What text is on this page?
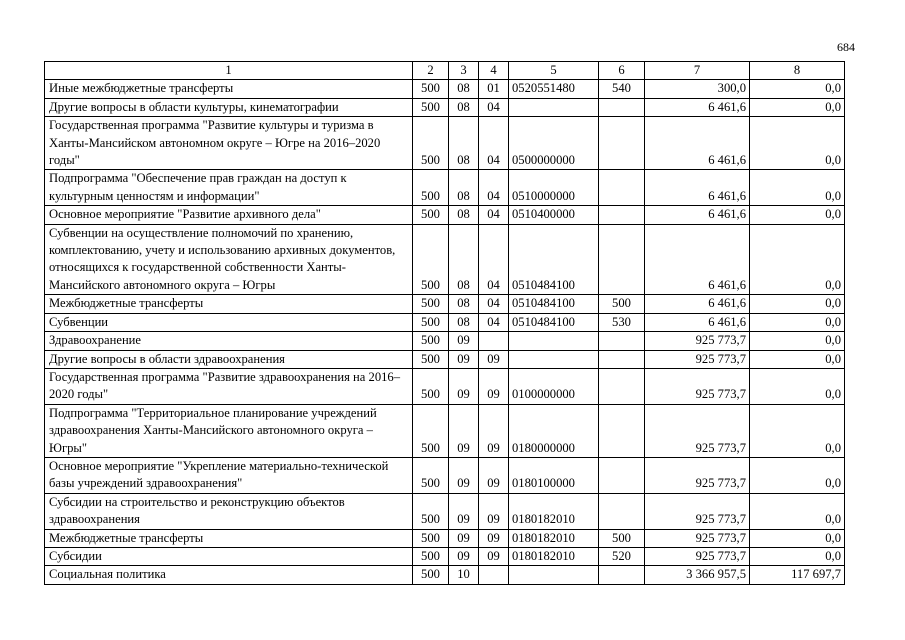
684
1	2	3	4	5	6	7	8
Иные межбюджетные трансферты	500	08	01	0520551480	540	300,0	0,0
Другие вопросы в области культуры, кинематографии	500	08	04			6 461,6	0,0
Государственная программа "Развитие культуры и туризма в Ханты-Мансийском автономном округе – Югре на 2016–2020 годы"	500	08	04	0500000000		6 461,6	0,0
Подпрограмма "Обеспечение прав граждан на доступ к культурным ценностям и информации"	500	08	04	0510000000		6 461,6	0,0
Основное мероприятие "Развитие архивного дела"	500	08	04	0510400000		6 461,6	0,0
Субвенции на осуществление полномочий по хранению, комплектованию, учету и использованию архивных документов, относящихся к государственной собственности Ханты-Мансийского автономного округа – Югры	500	08	04	0510484100		6 461,6	0,0
Межбюджетные трансферты	500	08	04	0510484100	500	6 461,6	0,0
Субвенции	500	08	04	0510484100	530	6 461,6	0,0
Здравоохранение	500	09				925 773,7	0,0
Другие вопросы в области здравоохранения	500	09	09			925 773,7	0,0
Государственная программа "Развитие здравоохранения на 2016–2020 годы"	500	09	09	0100000000		925 773,7	0,0
Подпрограмма "Территориальное планирование учреждений здравоохранения Ханты-Мансийского автономного округа – Югры"	500	09	09	0180000000		925 773,7	0,0
Основное мероприятие "Укрепление материально-технической базы учреждений здравоохранения"	500	09	09	0180100000		925 773,7	0,0
Субсидии на строительство и реконструкцию объектов здравоохранения	500	09	09	0180182010		925 773,7	0,0
Межбюджетные трансферты	500	09	09	0180182010	500	925 773,7	0,0
Субсидии	500	09	09	0180182010	520	925 773,7	0,0
Социальная политика	500	10				3 366 957,5	117 697,7
